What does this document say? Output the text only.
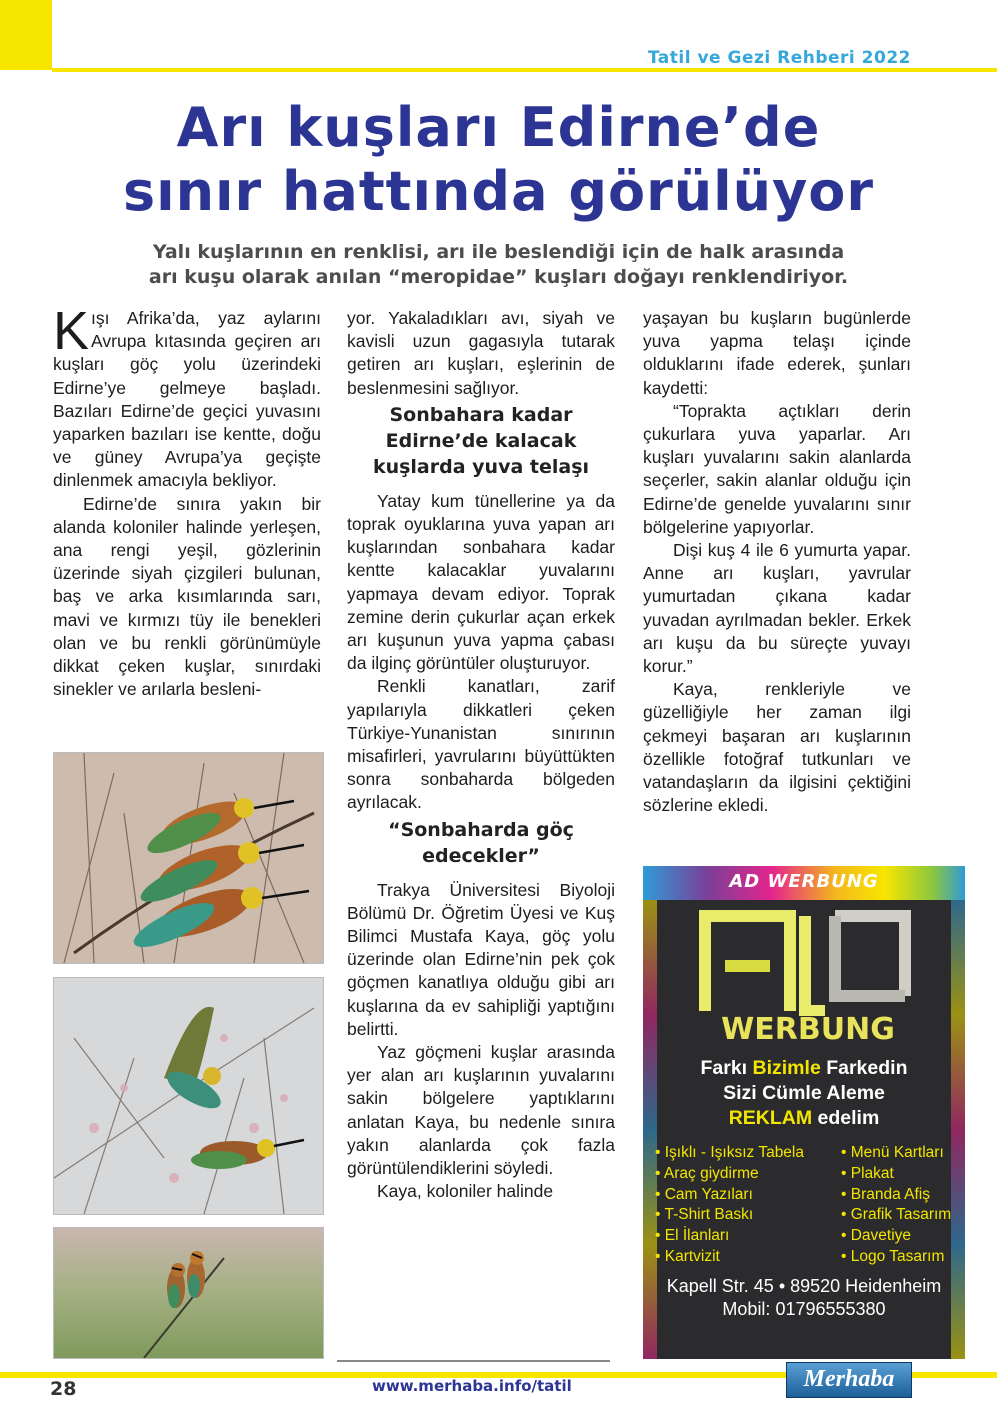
Tatil ve Gezi Rehberi 2022
Arı kuşları Edirne’de
sınır hattında görülüyor
Yalı kuşlarının en renklisi, arı ile beslendiği için de halk arasında
arı kuşu olarak anılan “meropidae” kuşları doğayı renklendiriyor.

Kışı Afrika’da, yaz aylarını Avrupa kıtasında geçiren arı kuşları göç yolu üzerindeki Edirne’ye gelmeye başladı. Bazıları Edirne’de geçici yuvasını yaparken bazıları ise kentte, doğu ve güney Avrupa’ya geçişte dinlenmek amacıyla bekliyor.

Edirne’de sınıra yakın bir alanda koloniler halinde yerleşen, ana rengi yeşil, gözlerinin üzerinde siyah çizgileri bulunan, baş ve arka kısımlarında sarı, mavi ve kırmızı tüy ile benekleri olan ve bu renkli görünümüyle dikkat çeken kuşlar, sınırdaki sinekler ve arılarla besleni-

yor. Yakaladıkları avı, siyah ve kavisli uzun gagasıyla tutarak getiren arı kuşları, eşlerinin de beslenmesini sağlıyor.

Sonbahara kadar Edirne’de kalacak kuşlarda yuva telaşı

Yatay kum tünellerine ya da toprak oyuklarına yuva yapan arı kuşlarından sonbahara kadar kentte kalacaklar yuvalarını yapmaya devam ediyor. Toprak zemine derin çukurlar açan erkek arı kuşunun yuva yapma çabası da ilginç görüntüler oluşturuyor.

Renkli kanatları, zarif yapılarıyla dikkatleri çeken Türkiye-Yunanistan sınırının misafirleri, yavrularını büyüttükten sonra sonbaharda bölgeden ayrılacak.

“Sonbaharda göç edecekler”

Trakya Üniversitesi Biyoloji Bölümü Dr. Öğretim Üyesi ve Kuş Bilimci Mustafa Kaya, göç yolu üzerinde olan Edirne’nin pek çok göçmen kanatlıya olduğu gibi arı kuşlarına da ev sahipliği yaptığını belirtti.

Yaz göçmeni kuşlar arasında yer alan arı kuşlarının yuvalarını sakin bölgelere yaptıklarını anlatan Kaya, bu nedenle sınıra yakın alanlarda çok fazla görüntülendiklerini söyledi.

Kaya, koloniler halinde

yaşayan bu kuşların bugünlerde yuva yapma telaşı içinde olduklarını ifade ederek, şunları kaydetti:

“Toprakta açtıkları derin çukurlara yuva yaparlar. Arı kuşları yuvalarını sakin alanlarda seçerler, sakin alanlar olduğu için Edirne’de genelde yuvalarını sınır bölgelerine yapıyorlar.

Dişi kuş 4 ile 6 yumurta yapar. Anne arı kuşları, yavrular yumurtadan çıkana kadar yuvadan ayrılmadan bekler. Erkek arı kuşu da bu süreçte yuvayı korur.”

Kaya, renkleriyle ve güzelliğiyle her zaman ilgi çekmeyi başaran arı kuşlarının özellikle fotoğraf tutkunları ve vatandaşların da ilgisini çektiğini sözlerine ekledi.

AD WERBUNG
WERBUNG
Farkı Bizimle Farkedin
Sizi Cümle Aleme
REKLAM edelim
• Işıklı - Işıksız Tabela
• Araç giydirme
• Cam Yazıları
• T-Shirt Baskı
• El İlanları
• Kartvizit
• Menü Kartları
• Plakat
• Branda Afiş
• Grafik Tasarım
• Davetiye
• Logo Tasarım
Kapell Str. 45 • 89520 Heidenheim
Mobil: 01796555380
28	www.merhaba.info/tatil	Merhaba
